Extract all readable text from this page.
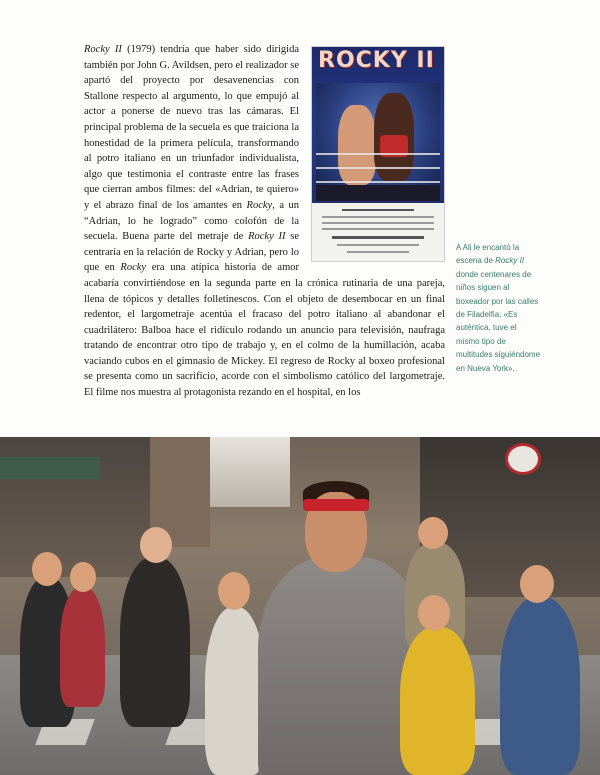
ROCKY II

Rocky II (1979) tendría que haber sido dirigida también por John G. Avildsen, pero el realizador se apartó del proyecto por desavenencias con Stallone respecto al argumento, lo que empujó al actor a ponerse de nuevo tras las cámaras. El principal problema de la secuela es que traiciona la honestidad de la primera película, transformando al potro italiano en un triunfador individualista, algo que testimonia el contraste entre las frases que cierran ambos filmes: del «Adrian, te quiero» y el abrazo final de los amantes en Rocky, a un “Adrian, lo he logrado” como colofón de la secuela. Buena parte del metraje de Rocky II se centraría en la relación de Rocky y Adrian, pero lo que en Rocky era una atípica historia de amor acabaría convirtiéndose en la segunda parte en la crónica rutinaria de una pareja, llena de tópicos y detalles folletinescos. Con el objeto de desembocar en un final redentor, el largometraje acentúa el fracaso del potro italiano al abandonar el cuadrilátero: Balboa hace el ridículo rodando un anuncio para televisión, naufraga tratando de encontrar otro tipo de trabajo y, en el colmo de la humillación, acaba vaciando cubos en el gimnasio de Mickey. El regreso de Rocky al boxeo profesional se presenta como un sacrificio, acorde con el simbolismo católico del largometraje. El filme nos muestra al protagonista rezando en el hospital, en los

A Ali le encantó la escena de Rocky II donde centenares de niños siguen al boxeador por las calles de Filadelfia: «Es auténtica, tuve el mismo tipo de multitudes siguiéndome en Nueva York».
